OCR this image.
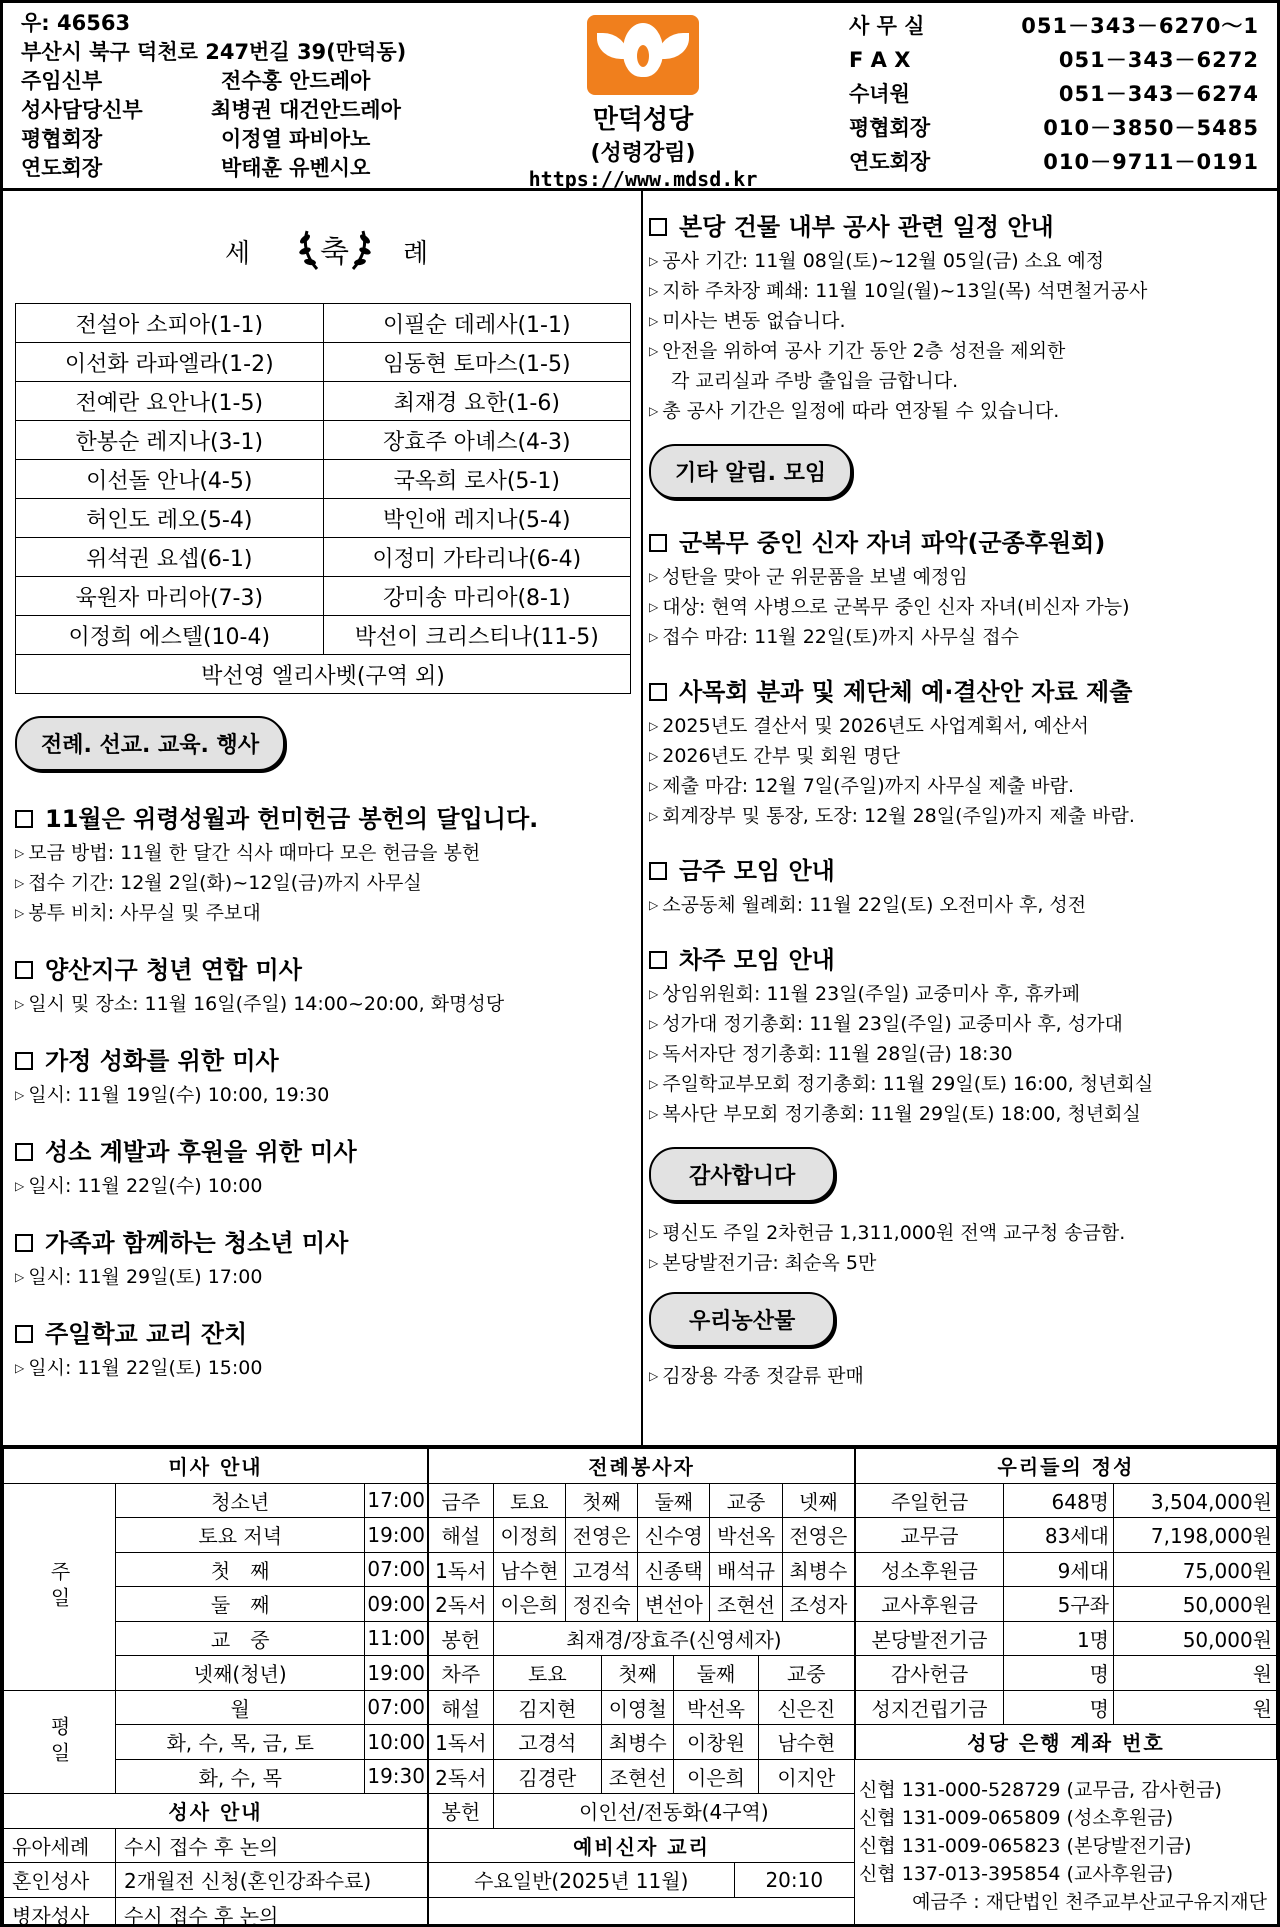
우: 46563
부산시 북구 덕천로 247번길 39(만덕동)
주임신부	전수홍 안드레아
성사담당신부	최병권 대건안드레아
평협회장	이정열 파비아노
연도회장	박태훈 유벤시오
만덕성당
(성령강림)
https://www.mdsd.kr
사 무 실	051－343－6270～1
F A X	051－343－6272
수녀원	051－343－6274
평협회장	010－3850－5485
연도회장	010－9711－0191
세 축 례
전설아 소피아(1-1)	이필순 데레사(1-1)
이선화 라파엘라(1-2)	임동현 토마스(1-5)
전예란 요안나(1-5)	최재경 요한(1-6)
한봉순 레지나(3-1)	장효주 아녜스(4-3)
이선돌 안나(4-5)	국옥희 로사(5-1)
허인도 레오(5-4)	박인애 레지나(5-4)
위석권 요셉(6-1)	이정미 가타리나(6-4)
육원자 마리아(7-3)	강미송 마리아(8-1)
이정희 에스텔(10-4)	박선이 크리스티나(11-5)
박선영 엘리사벳(구역 외)	
전례. 선교. 교육. 행사
11월은 위령성월과 헌미헌금 봉헌의 달입니다.
▷ 모금 방법: 11월 한 달간 식사 때마다 모은 헌금을 봉헌
▷ 접수 기간: 12월 2일(화)~12일(금)까지 사무실
▷ 봉투 비치: 사무실 및 주보대
양산지구 청년 연합 미사
▷ 일시 및 장소: 11월 16일(주일) 14:00~20:00, 화명성당
가정 성화를 위한 미사
▷ 일시: 11월 19일(수) 10:00, 19:30
성소 계발과 후원을 위한 미사
▷ 일시: 11월 22일(수) 10:00
가족과 함께하는 청소년 미사
▷ 일시: 11월 29일(토) 17:00
주일학교 교리 잔치
▷ 일시: 11월 22일(토) 15:00
본당 건물 내부 공사 관련 일정 안내
▷ 공사 기간: 11월 08일(토)~12월 05일(금) 소요 예정
▷ 지하 주차장 폐쇄: 11월 10일(월)~13일(목) 석면철거공사
▷ 미사는 변동 없습니다.
▷ 안전을 위하여 공사 기간 동안 2층 성전을 제외한
각 교리실과 주방 출입을 금합니다.
▷ 총 공사 기간은 일정에 따라 연장될 수 있습니다.
기타 알림. 모임
군복무 중인 신자 자녀 파악(군종후원회)
▷ 성탄을 맞아 군 위문품을 보낼 예정임
▷ 대상: 현역 사병으로 군복무 중인 신자 자녀(비신자 가능)
▷ 접수 마감: 11월 22일(토)까지 사무실 접수
사목회 분과 및 제단체 예·결산안 자료 제출
▷ 2025년도 결산서 및 2026년도 사업계획서, 예산서
▷ 2026년도 간부 및 회원 명단
▷ 제출 마감: 12월 7일(주일)까지 사무실 제출 바람.
▷ 회계장부 및 통장, 도장: 12월 28일(주일)까지 제출 바람.
금주 모임 안내
▷ 소공동체 월례회: 11월 22일(토) 오전미사 후, 성전
차주 모임 안내
▷ 상임위원회: 11월 23일(주일) 교중미사 후, 휴카페
▷ 성가대 정기총회: 11월 23일(주일) 교중미사 후, 성가대
▷ 독서자단 정기총회: 11월 28일(금) 18:30
▷ 주일학교부모회 정기총회: 11월 29일(토) 16:00, 청년회실
▷ 복사단 부모회 정기총회: 11월 29일(토) 18:00, 청년회실
감사합니다
▷ 평신도 주일 2차헌금 1,311,000원 전액 교구청 송금함.
▷ 본당발전기금: 최순옥 5만
우리농산물
▷ 김장용 각종 젓갈류 판매
미사 안내		
주일	청소년	17:00
	토요 저녁	19:00
	첫　째	07:00
	둘　째	09:00
	교　중	11:00
	넷째(청년)	19:00
평일	월	07:00
	화, 수, 목, 금, 토	10:00
	화, 수, 목	19:30
성사 안내		
유아세례	수시 접수 후 논의	
혼인성사	2개월전 신청(혼인강좌수료)	
병자성사	수시 접수 후 논의	
전례봉사자									
금주	토요	첫째		둘째		교중			넷째
해설	이정희	전영은		신수영		박선옥			전영은
1독서	남수현	고경석		신종택		배석규			최병수
2독서	이은희	정진숙		변선아		조현선			조성자
봉헌	최재경/장효주(신영세자)								
차주	토요		첫째		둘째			교중	
해설	김지현		이영철		박선옥			신은진	
1독서	고경석		최병수		이창원			남수현	
2독서	김경란		조현선		이은희			이지안	
봉헌	이인선/전동화(4구역)								
예비신자 교리									
수요일반(2025년 11월)							20:10		

우리들의 정성		
주일헌금	648명	3,504,000원
교무금	83세대	7,198,000원
성소후원금	9세대	75,000원
교사후원금	5구좌	50,000원
본당발전기금	1명	50,000원
감사헌금	명	원
성지건립기금	명	원
성당 은행 계좌 번호		
신협 131-000-528729 (교무금, 감사헌금)
신협 131-009-065809 (성소후원금)
신협 131-009-065823 (본당발전기금)
신협 137-013-395854 (교사후원금)
예금주 : 재단법인 천주교부산교구유지재단
